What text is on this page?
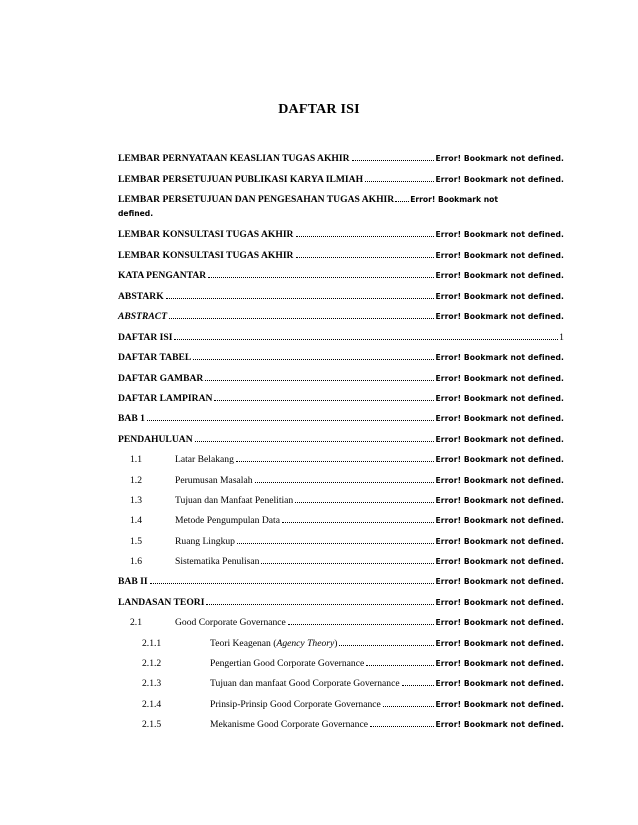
DAFTAR ISI
LEMBAR PERNYATAAN KEASLIAN TUGAS AKHIR	Error! Bookmark not defined.
LEMBAR PERSETUJUAN PUBLIKASI KARYA ILMIAH	Error! Bookmark not defined.
LEMBAR PERSETUJUAN DAN PENGESAHAN TUGAS AKHIR Error! Bookmark not
defined.
LEMBAR KONSULTASI TUGAS AKHIR	Error! Bookmark not defined.
LEMBAR KONSULTASI TUGAS AKHIR	Error! Bookmark not defined.
KATA PENGANTAR	Error! Bookmark not defined.
ABSTARK	Error! Bookmark not defined.
ABSTRACT	Error! Bookmark not defined.
DAFTAR ISI	1
DAFTAR TABEL	Error! Bookmark not defined.
DAFTAR GAMBAR	Error! Bookmark not defined.
DAFTAR LAMPIRAN	Error! Bookmark not defined.
BAB 1	Error! Bookmark not defined.
PENDAHULUAN	Error! Bookmark not defined.
1.1	Latar Belakang	Error! Bookmark not defined.
1.2	Perumusan Masalah	Error! Bookmark not defined.
1.3	Tujuan dan Manfaat Penelitian	Error! Bookmark not defined.
1.4	Metode Pengumpulan Data	Error! Bookmark not defined.
1.5	Ruang Lingkup	Error! Bookmark not defined.
1.6	Sistematika Penulisan	Error! Bookmark not defined.
BAB II	Error! Bookmark not defined.
LANDASAN TEORI	Error! Bookmark not defined.
2.1	Good Corporate Governance	Error! Bookmark not defined.
2.1.1	Teori Keagenan (Agency Theory)	Error! Bookmark not defined.
2.1.2	Pengertian Good Corporate Governance	Error! Bookmark not defined.
2.1.3	Tujuan dan manfaat Good Corporate Governance	Error! Bookmark not defined.
2.1.4	Prinsip-Prinsip Good Corporate Governance	Error! Bookmark not defined.
2.1.5	Mekanisme Good Corporate Governance	Error! Bookmark not defined.
